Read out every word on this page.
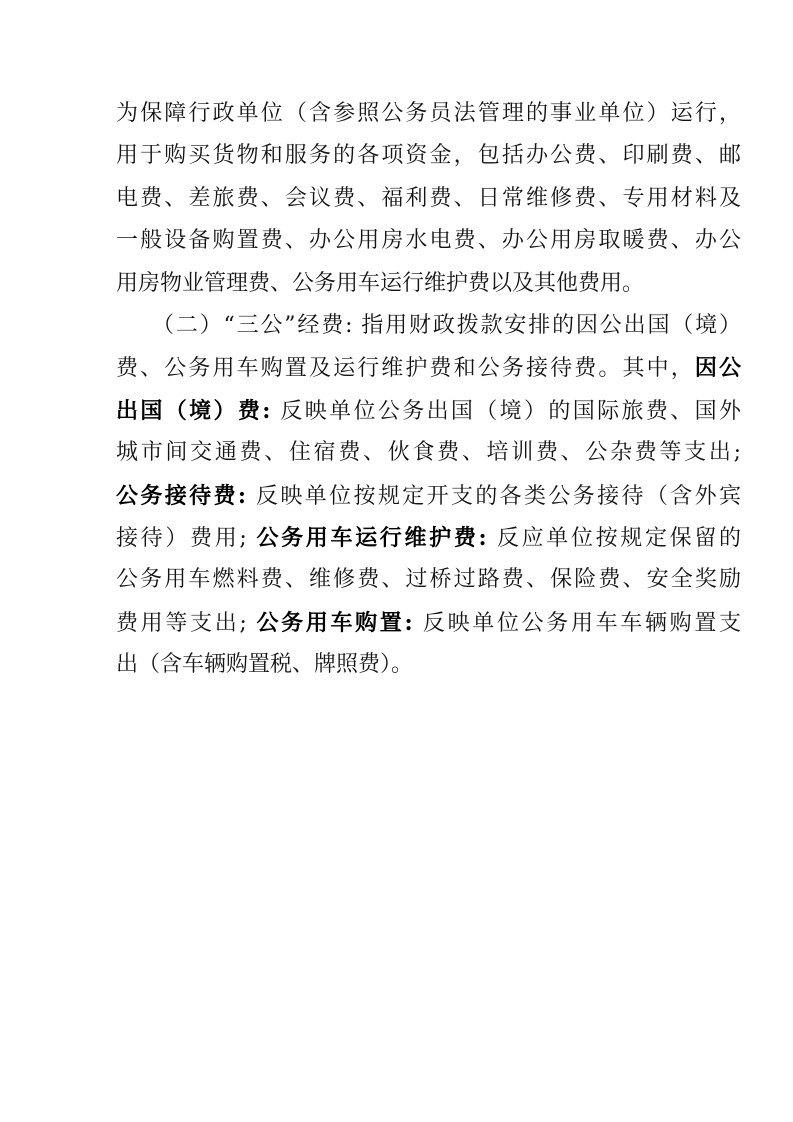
为保障行政单位（含参照公务员法管理的事业单位）运行，
用于购买货物和服务的各项资金，包括办公费、印刷费、邮
电费、差旅费、会议费、福利费、日常维修费、专用材料及
一般设备购置费、办公用房水电费、办公用房取暖费、办公
用房物业管理费、公务用车运行维护费以及其他费用。
（二）“三公”经费: 指用财政拨款安排的因公出国（境）
费、公务用车购置及运行维护费和公务接待费。其中，因公
出国（境）费: 反映单位公务出国（境）的国际旅费、国外
城市间交通费、住宿费、伙食费、培训费、公杂费等支出;
公务接待费: 反映单位按规定开支的各类公务接待（含外宾
接待）费用; 公务用车运行维护费: 反应单位按规定保留的
公务用车燃料费、维修费、过桥过路费、保险费、安全奖励
费用等支出; 公务用车购置: 反映单位公务用车车辆购置支
出（含车辆购置税、牌照费）。
